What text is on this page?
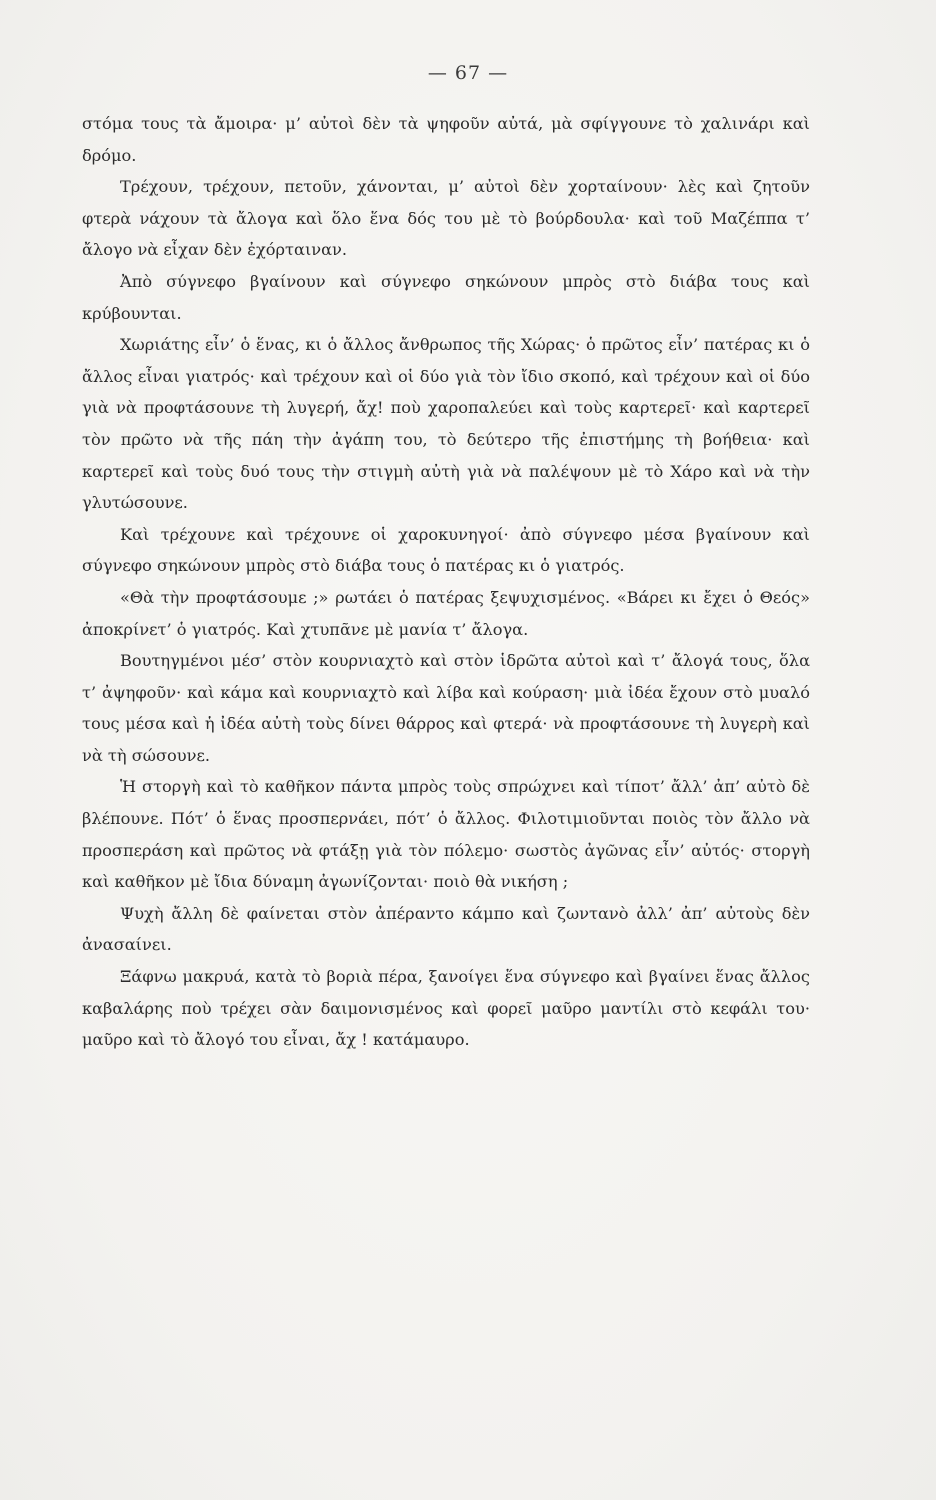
— 67 —

στόμα τους τὰ ἄμοιρα· μ’ αὐτοὶ δὲν τὰ ψηφοῦν αὐτά, μὰ σφίγγουνε τὸ χαλινάρι καὶ δρόμο.

Τρέχουν, τρέχουν, πετοῦν, χάνονται, μ’ αὐτοὶ δὲν χορταίνουν· λὲς καὶ ζητοῦν φτερὰ νάχουν τὰ ἄλογα καὶ ὅλο ἕνα δός του μὲ τὸ βούρδουλα· καὶ τοῦ Μαζέππα τ’ ἄλογο νὰ εἶχαν δὲν ἐχόρταιναν.

Ἀπὸ σύγνεφο βγαίνουν καὶ σύγνεφο σηκώνουν μπρὸς στὸ διάβα τους καὶ κρύβουνται.

Χωριάτης εἶν’ ὁ ἕνας, κι ὁ ἄλλος ἄνθρωπος τῆς Χώρας· ὁ πρῶτος εἶν’ πατέρας κι ὁ ἄλλος εἶναι γιατρός· καὶ τρέχουν καὶ οἱ δύο γιὰ τὸν ἴδιο σκοπό, καὶ τρέχουν καὶ οἱ δύο γιὰ νὰ προφτάσουνε τὴ λυγερή, ἄχ! ποὺ χαροπαλεύει καὶ τοὺς καρτερεῖ· καὶ καρτερεῖ τὸν πρῶτο νὰ τῆς πάη τὴν ἀγάπη του, τὸ δεύτερο τῆς ἐπιστήμης τὴ βοήθεια· καὶ καρτερεῖ καὶ τοὺς δυό τους τὴν στιγμὴ αὐτὴ γιὰ νὰ παλέψουν μὲ τὸ Χάρο καὶ νὰ τὴν γλυτώσουνε.

Καὶ τρέχουνε καὶ τρέχουνε οἱ χαροκυνηγοί· ἀπὸ σύγνεφο μέσα βγαίνουν καὶ σύγνεφο σηκώνουν μπρὸς στὸ διάβα τους ὁ πατέρας κι ὁ γιατρός.

«Θὰ τὴν προφτάσουμε ;» ρωτάει ὁ πατέρας ξεψυχισμένος. «Βάρει κι ἔχει ὁ Θεός» ἀποκρίνετ’ ὁ γιατρός. Καὶ χτυπᾶνε μὲ μανία τ’ ἄλογα.

Βουτηγμένοι μέσ’ στὸν κουρνιαχτὸ καὶ στὸν ἱδρῶτα αὐτοὶ καὶ τ’ ἄλογά τους, ὅλα τ’ ἀψηφοῦν· καὶ κάμα καὶ κουρνιαχτὸ καὶ λίβα καὶ κούραση· μιὰ ἰδέα ἔχουν στὸ μυαλό τους μέσα καὶ ἡ ἰδέα αὐτὴ τοὺς δίνει θάρρος καὶ φτερά· νὰ προφτάσουνε τὴ λυγερὴ καὶ νὰ τὴ σώσουνε.

Ἡ στοργὴ καὶ τὸ καθῆκον πάντα μπρὸς τοὺς σπρώχνει καὶ τίποτ’ ἄλλ’ ἀπ’ αὐτὸ δὲ βλέπουνε. Πότ’ ὁ ἕνας προσπερνάει, πότ’ ὁ ἄλλος. Φιλοτιμιοῦνται ποιὸς τὸν ἄλλο νὰ προσπεράση καὶ πρῶτος νὰ φτάξῃ γιὰ τὸν πόλεμο· σωστὸς ἀγῶνας εἶν’ αὐτός· στοργὴ καὶ καθῆκον μὲ ἴδια δύναμη ἀγωνίζονται· ποιὸ θὰ νικήση ;

Ψυχὴ ἄλλη δὲ φαίνεται στὸν ἀπέραντο κάμπο καὶ ζωντανὸ ἀλλ’ ἀπ’ αὐτοὺς δὲν ἀνασαίνει.

Ξάφνω μακρυά, κατὰ τὸ βοριὰ πέρα, ξανοίγει ἕνα σύγνεφο καὶ βγαίνει ἕνας ἄλλος καβαλάρης ποὺ τρέχει σὰν δαιμονισμένος καὶ φορεῖ μαῦρο μαντίλι στὸ κεφάλι του· μαῦρο καὶ τὸ ἄλογό του εἶναι, ἄχ ! κατάμαυρο.
